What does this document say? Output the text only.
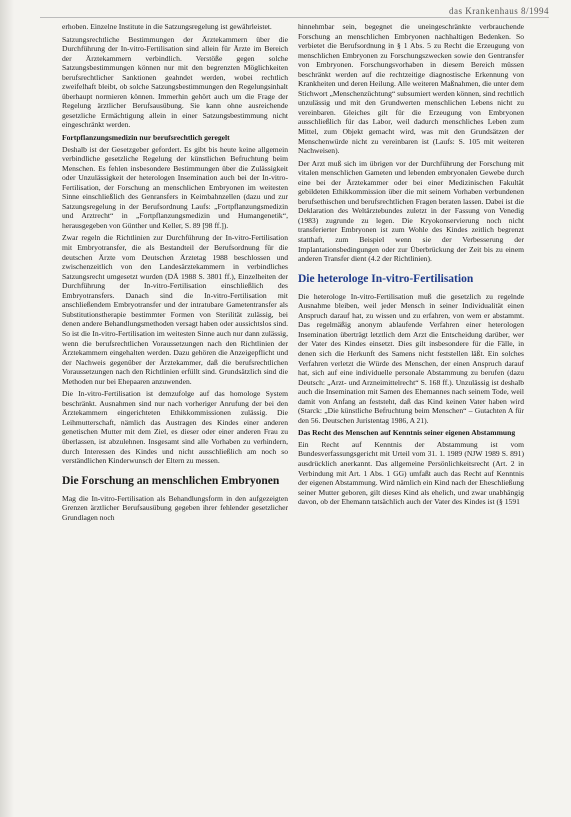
das Krankenhaus 8/1994

erhoben. Einzelne Institute in die Satzungsregelung ist gewährleistet.

Satzungsrechtliche Bestimmungen der Ärztekammern über die Durchführung der In-vitro-Fertilisation sind allein für Ärzte im Bereich der Ärztekammern verbindlich. Verstöße gegen solche Satzungsbestimmungen können nur mit den begrenzten Möglichkeiten berufsrechtlicher Sanktionen geahndet werden, wobei rechtlich zweifelhaft bleibt, ob solche Satzungsbestimmungen den Regelungsinhalt überhaupt normieren können. Immerhin gehört auch um die Frage der Regelung ärztlicher Berufsausübung. Sie kann ohne ausreichende gesetzliche Ermächtigung allein in einer Satzungsbestimmung nicht eingeschränkt werden.

Fortpflanzungsmedizin nur berufsrechtlich geregelt

Deshalb ist der Gesetzgeber gefordert. Es gibt bis heute keine allgemein verbindliche gesetzliche Regelung der künstlichen Befruchtung beim Menschen. Es fehlen insbesondere Bestimmungen über die Zulässigkeit oder Unzulässigkeit der heterologen Insemination auch bei der In-vitro-Fertilisation, der Forschung an menschlichen Embryonen im weitesten Sinne einschließlich des Genransfers in Keimbahnzellen (dazu und zur Satzungsregelung in der Berufsordnung Laufs: „Fortpflanzungsmedizin und Arztrecht“ in „Fortpflanzungsmedizin und Humangenetik“, herausgegeben von Günther und Keller, S. 89 [98 ff.]).

Zwar regeln die Richtlinien zur Durchführung der In-vitro-Fertilisation mit Embryotransfer, die als Bestandteil der Berufsordnung für die deutschen Ärzte vom Deutschen Ärztetag 1988 beschlossen und zwischenzeitlich von den Landesärztekammern in verbindliches Satzungsrecht umgesetzt wurden (DÄ 1988 S. 3801 ff.), Einzelheiten der Durchführung der In-vitro-Fertilisation einschließlich des Embryotransfers. Danach sind die In-vitro-Fertilisation mit anschließendem Embryotransfer und der intratubare Gametentransfer als Substitutionstherapie bestimmter Formen von Sterilität zulässig, bei denen andere Behandlungsmethoden versagt haben oder aussichtslos sind. So ist die In-vitro-Fertilisation im weitesten Sinne auch nur dann zulässig, wenn die berufsrechtlichen Voraussetzungen nach den Richtlinien der Ärztekammern eingehalten werden. Dazu gehören die Anzeigepflicht und der Nachweis gegenüber der Ärztekammer, daß die berufsrechtlichen Voraussetzungen nach den Richtlinien erfüllt sind. Grundsätzlich sind die Methoden nur bei Ehepaaren anzuwenden.

Die In-vitro-Fertilisation ist demzufolge auf das homologe System beschränkt. Ausnahmen sind nur nach vorheriger Anrufung der bei den Ärztekammern eingerichteten Ethikkommissionen zulässig. Die Leihmutterschaft, nämlich das Austragen des Kindes einer anderen genetischen Mutter mit dem Ziel, es dieser oder einer anderen Frau zu überlassen, ist abzulehnen. Insgesamt sind alle Vorhaben zu verhindern, durch Interessen des Kindes und nicht ausschließlich am noch so verständlichen Kinderwunsch der Eltern zu messen.

Die Forschung an menschlichen Embryonen

Mag die In-vitro-Fertilisation als Behandlungsform in den aufgezeigten Grenzen ärztlicher Berufsausübung gegeben ihrer fehlender gesetzlicher Grundlagen noch

hinnehmbar sein, begegnet die uneingeschränkte verbrauchende Forschung an menschlichen Embryonen nachhaltigen Bedenken. So verbietet die Berufsordnung in § 1 Abs. 5 zu Recht die Erzeugung von menschlichen Embryonen zu Forschungszwecken sowie den Gentransfer von Embryonen. Forschungsvorhaben in diesem Bereich müssen beschränkt werden auf die rechtzeitige diagnostische Erkennung von Krankheiten und deren Heilung. Alle weiteren Maßnahmen, die unter dem Stichwort „Menschenzüchtung“ subsumiert werden können, sind rechtlich unzulässig und mit den Grundwerten menschlichen Lebens nicht zu vereinbaren. Gleiches gilt für die Erzeugung von Embryonen ausschließlich für das Labor, weil dadurch menschliches Leben zum Mittel, zum Objekt gemacht wird, was mit den Grundsätzen der Menschenwürde nicht zu vereinbaren ist (Laufs: S. 105 mit weiteren Nachweisen).

Der Arzt muß sich im übrigen vor der Durchführung der Forschung mit vitalen menschlichen Gameten und lebenden embryonalen Gewebe durch eine bei der Ärztekammer oder bei einer Medizinischen Fakultät gebildeten Ethikkommission über die mit seinem Vorhaben verbundenen berufsethischen und berufsrechtlichen Fragen beraten lassen. Dabei ist die Deklaration des Weltärztebundes zuletzt in der Fassung von Venedig (1983) zugrunde zu legen. Die Kryokonservierung noch nicht transferierter Embryonen ist zum Wohle des Kindes zeitlich begrenzt statthaft, zum Beispiel wenn sie der Verbesserung der Implantationsbedingungen oder zur Überbrückung der Zeit bis zu einem anderen Transfer dient (4.2 der Richtlinien).

Die heterologe In-vitro-Fertilisation

Die heterologe In-vitro-Fertilisation muß die gesetzlich zu regelnde Ausnahme bleiben, weil jeder Mensch in seiner Individualität einen Anspruch darauf hat, zu wissen und zu erfahren, von wem er abstammt. Das regelmäßig anonym ablaufende Verfahren einer heterologen Insemination überträgt letztlich dem Arzt die Entscheidung darüber, wer der Vater des Kindes einsetzt. Dies gilt insbesondere für die Fälle, in denen sich die Herkunft des Samens nicht feststellen läßt. Ein solches Verfahren verletzt die Würde des Menschen, der einen Anspruch darauf hat, sich auf eine individuelle personale Abstammung zu berufen (dazu Deutsch: „Arzt- und Arzneimittelrecht“ S. 168 ff.). Unzulässig ist deshalb auch die Insemination mit Samen des Ehemannes nach seinem Tode, weil damit von Anfang an feststeht, daß das Kind keinen Vater haben wird (Starck: „Die künstliche Befruchtung beim Menschen“ – Gutachten A für den 56. Deutschen Juristentag 1986, A 21).

Das Recht des Menschen auf Kenntnis seiner eigenen Abstammung

Ein Recht auf Kenntnis der Abstammung ist vom Bundesverfassungsgericht mit Urteil vom 31. 1. 1989 (NJW 1989 S. 891) ausdrücklich anerkannt. Das allgemeine Persönlichkeitsrecht (Art. 2 in Verbindung mit Art. 1 Abs. 1 GG) umfaßt auch das Recht auf Kenntnis der eigenen Abstammung. Wird nämlich ein Kind nach der Eheschließung seiner Mutter geboren, gilt dieses Kind als ehelich, und zwar unabhängig davon, ob der Ehemann tatsächlich auch der Vater des Kindes ist (§ 1591
